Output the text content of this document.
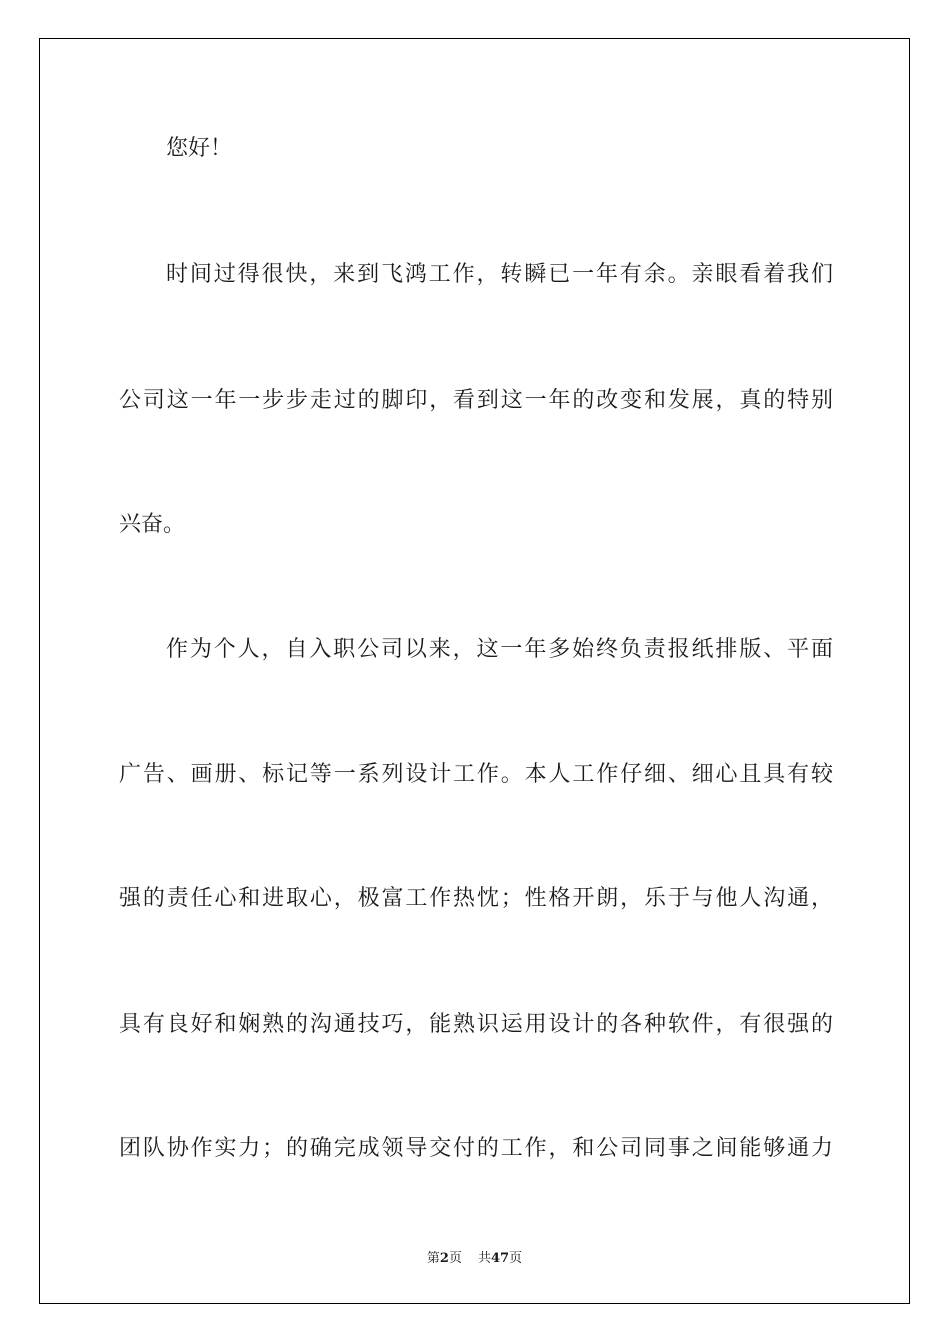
您好！
时间过得很快，来到飞鸿工作，转瞬已一年有余。亲眼看着我们
公司这一年一步步走过的脚印，看到这一年的改变和发展，真的特别
兴奋。
作为个人，自入职公司以来，这一年多始终负责报纸排版、平面
广告、画册、标记等一系列设计工作。本人工作仔细、细心且具有较
强的责任心和进取心，极富工作热忱；性格开朗，乐于与他人沟通，
具有良好和娴熟的沟通技巧，能熟识运用设计的各种软件，有很强的
团队协作实力；的确完成领导交付的工作，和公司同事之间能够通力
第2页 共47页
